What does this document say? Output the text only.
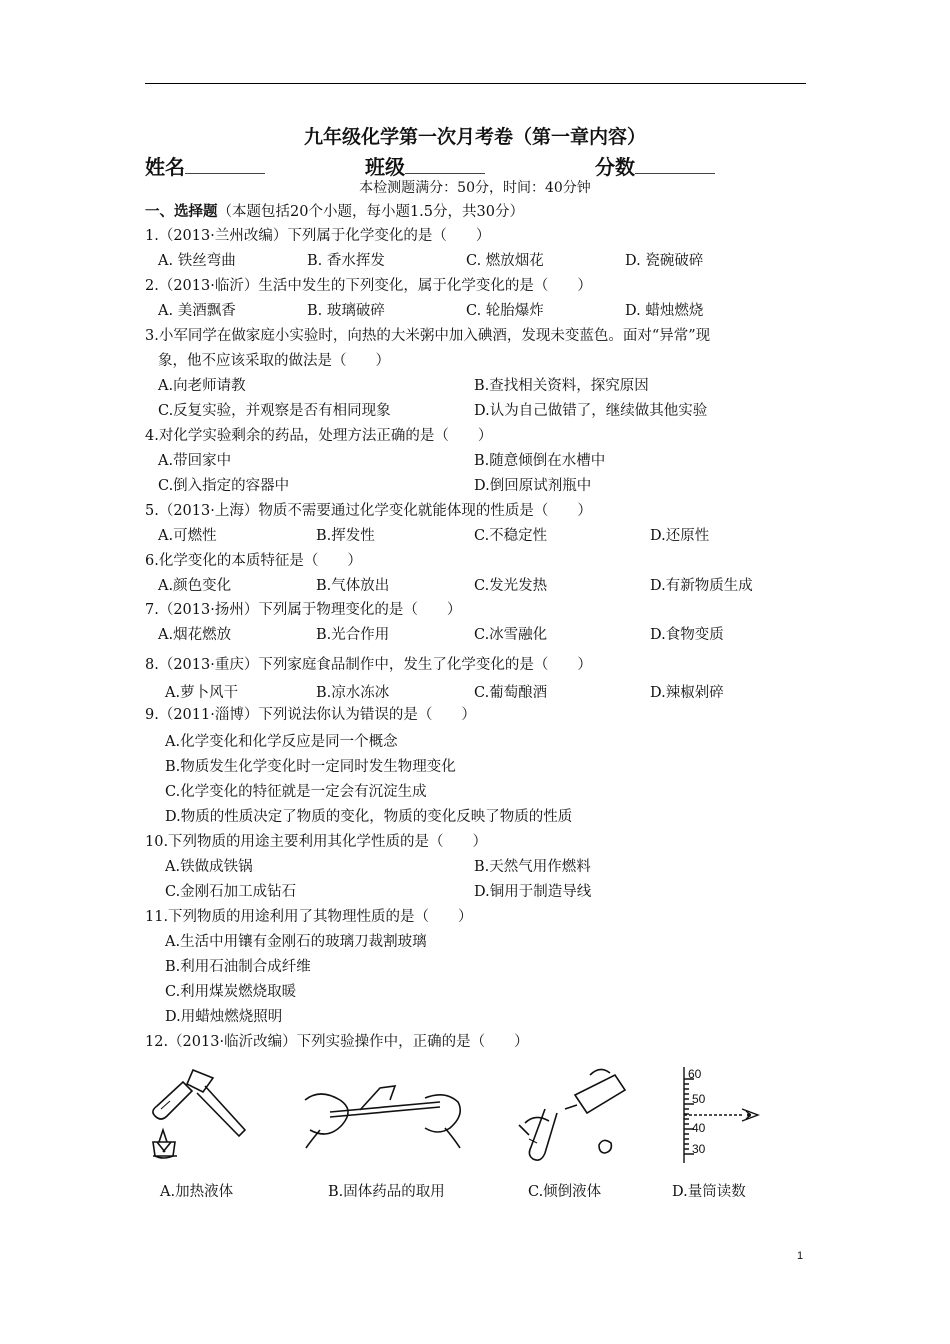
九年级化学第一次月考卷（第一章内容）
姓名	班级	分数
本检测题满分：50分，时间：40分钟
一、选择题（本题包括20个小题，每小题1.5分，共30分）
1.（2013·兰州改编）下列属于化学变化的是（　　）
A. 铁丝弯曲	B. 香水挥发	C. 燃放烟花	D. 瓷碗破碎
2.（2013·临沂）生活中发生的下列变化，属于化学变化的是（　　）
A. 美酒飘香	B. 玻璃破碎	C. 轮胎爆炸	D. 蜡烛燃烧
3.小军同学在做家庭小实验时，向热的大米粥中加入碘酒，发现未变蓝色。面对“异常”现
象，他不应该采取的做法是（　　）
A.向老师请教	B.查找相关资料，探究原因
C.反复实验，并观察是否有相同现象	D.认为自己做错了，继续做其他实验
4.对化学实验剩余的药品，处理方法正确的是（　　）
A.带回家中	B.随意倾倒在水槽中
C.倒入指定的容器中	D.倒回原试剂瓶中
5.（2013·上海）物质不需要通过化学变化就能体现的性质是（　　）
A.可燃性	B.挥发性	C.不稳定性	D.还原性
6.化学变化的本质特征是（　　）
A.颜色变化	B.气体放出	C.发光发热	D.有新物质生成
7.（2013·扬州）下列属于物理变化的是（　　）
A.烟花燃放	B.光合作用	C.冰雪融化	D.食物变质
8.（2013·重庆）下列家庭食品制作中，发生了化学变化的是（　　）
A.萝卜风干	B.凉水冻冰	C.葡萄酿酒	D.辣椒剁碎
9.（2011·淄博）下列说法你认为错误的是（　　）
A.化学变化和化学反应是同一个概念
B.物质发生化学变化时一定同时发生物理变化
C.化学变化的特征就是一定会有沉淀生成
D.物质的性质决定了物质的变化，物质的变化反映了物质的性质
10.下列物质的用途主要利用其化学性质的是（　　）
A.铁做成铁锅	B.天然气用作燃料
C.金刚石加工成钻石	D.铜用于制造导线
11.下列物质的用途利用了其物理性质的是（　　）
A.生活中用镶有金刚石的玻璃刀裁割玻璃
B.利用石油制合成纤维
C.利用煤炭燃烧取暖
D.用蜡烛燃烧照明
12.（2013·临沂改编）下列实验操作中，正确的是（　　）
A.加热液体	B.固体药品的取用	C.倾倒液体
60
50
40
30
D.量筒读数
1
